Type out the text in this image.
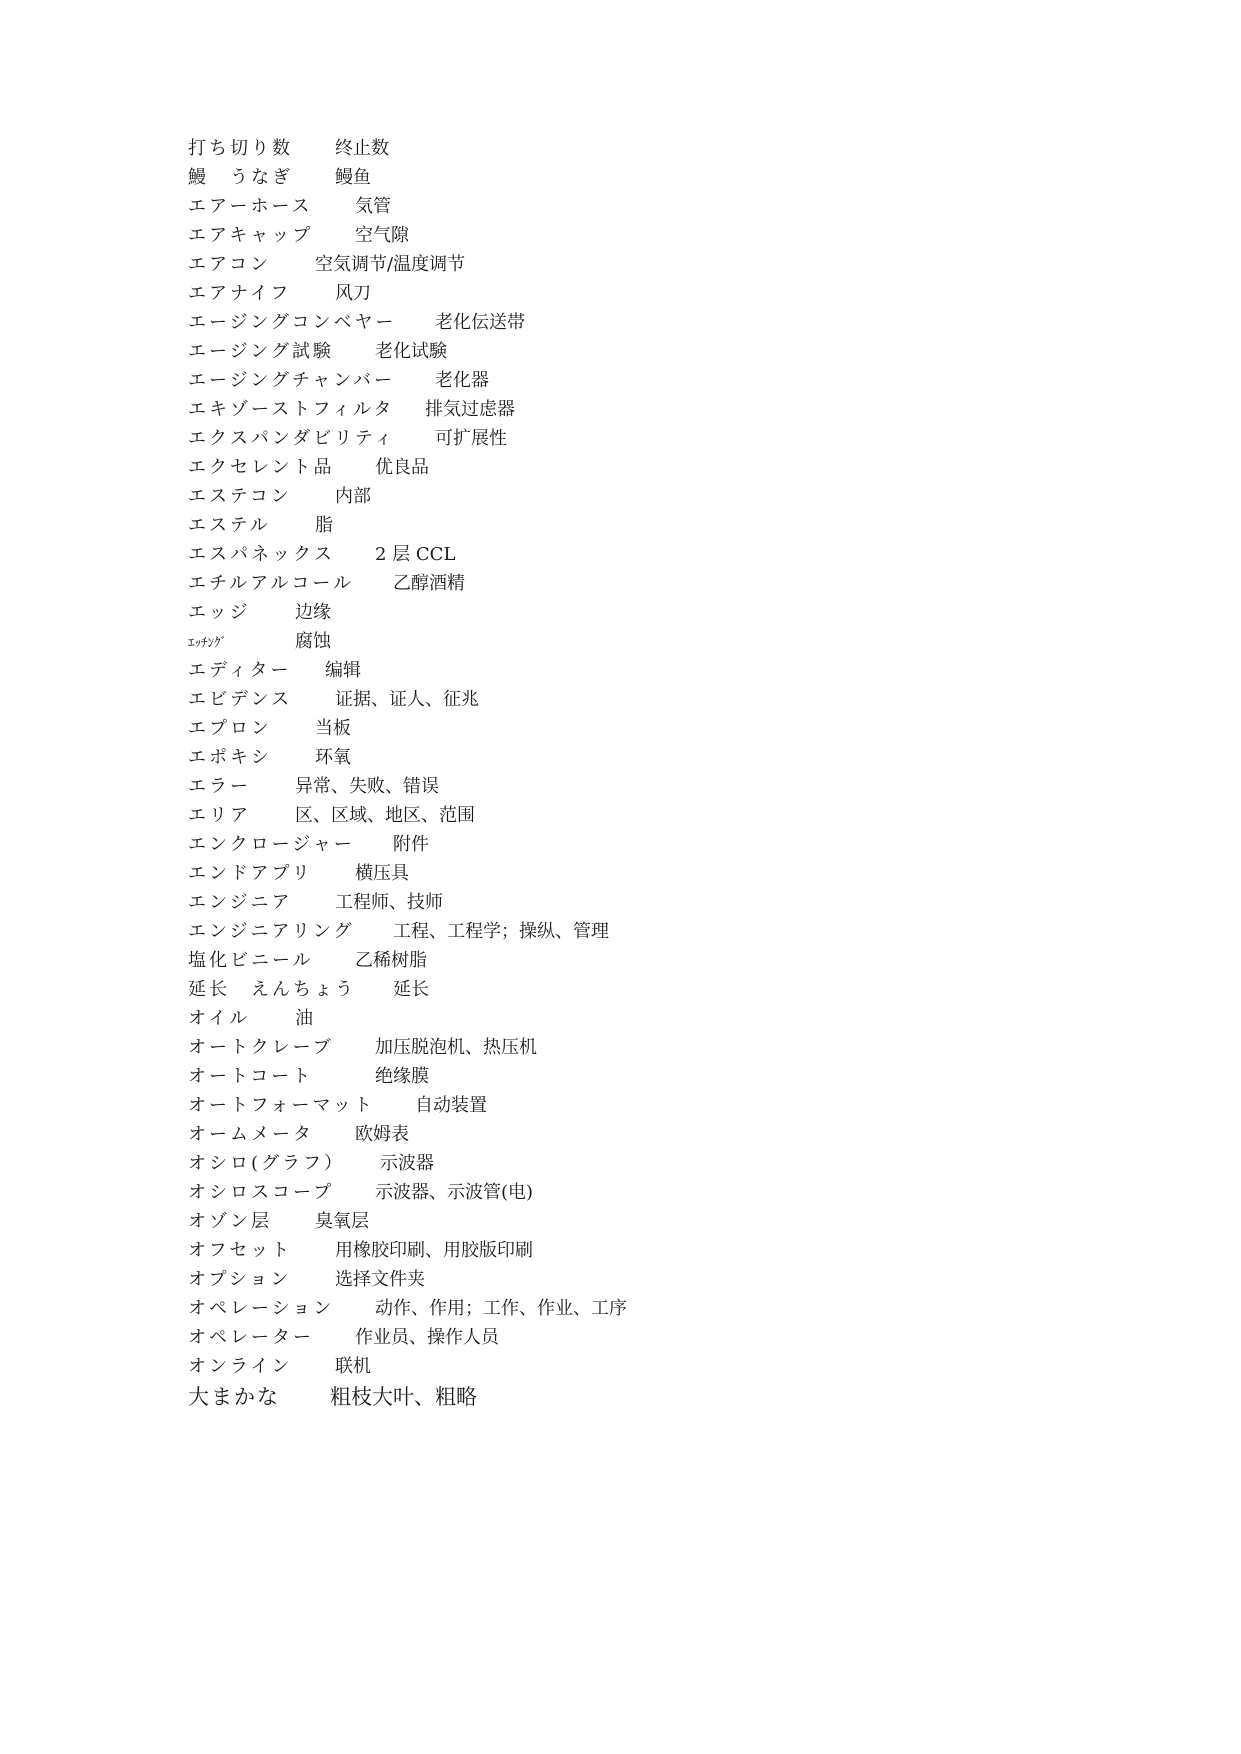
打ち切り数 终止数
鰻　うなぎ 鳗鱼
エアーホース 気管
エアキャップ 空气隙
エアコン 空気调节/温度调节
エアナイフ 风刀
エージングコンベヤー 老化伝送帯
エージング試験 老化试験
エージングチャンバー 老化器
エキゾーストフィルタ 排気过虑器
エクスパンダビリティ 可扩展性
エクセレント品 优良品
エステコン 内部
エステル 脂
エスパネックス 2 层 CCL
エチルアルコール 乙醇酒精
エッジ 边缘
ｴｯﾁﾝｸﾞ	腐蚀
エディター 编辑
エビデンス 证据、证人、征兆
エプロン 当板
エポキシ 环氧
エラー 异常、失败、错误
エリア 区、区域、地区、范围
エンクロージャー 附件
エンドアプリ 横压具
エンジニア 工程师、技师
エンジニアリング 工程、工程学；操纵、管理
塩化ビニール 乙稀树脂
延长　えんちょう 延长
オイル 油
オートクレーブ 加压脱泡机、热压机
オートコート	绝缘膜
オートフォーマット 自动装置
オームメータ 欧姆表
オシロ(グラフ） 示波器
オシロスコープ 示波器、示波管(电)
オゾン层 臭氧层
オフセット 用橡胶印刷、用胶版印刷
オプション 选择文件夹
オペレーション 动作、作用；工作、作业、工序
オペレーター 作业员、操作人员
オンライン 联机
大まかな 粗枝大叶、粗略
